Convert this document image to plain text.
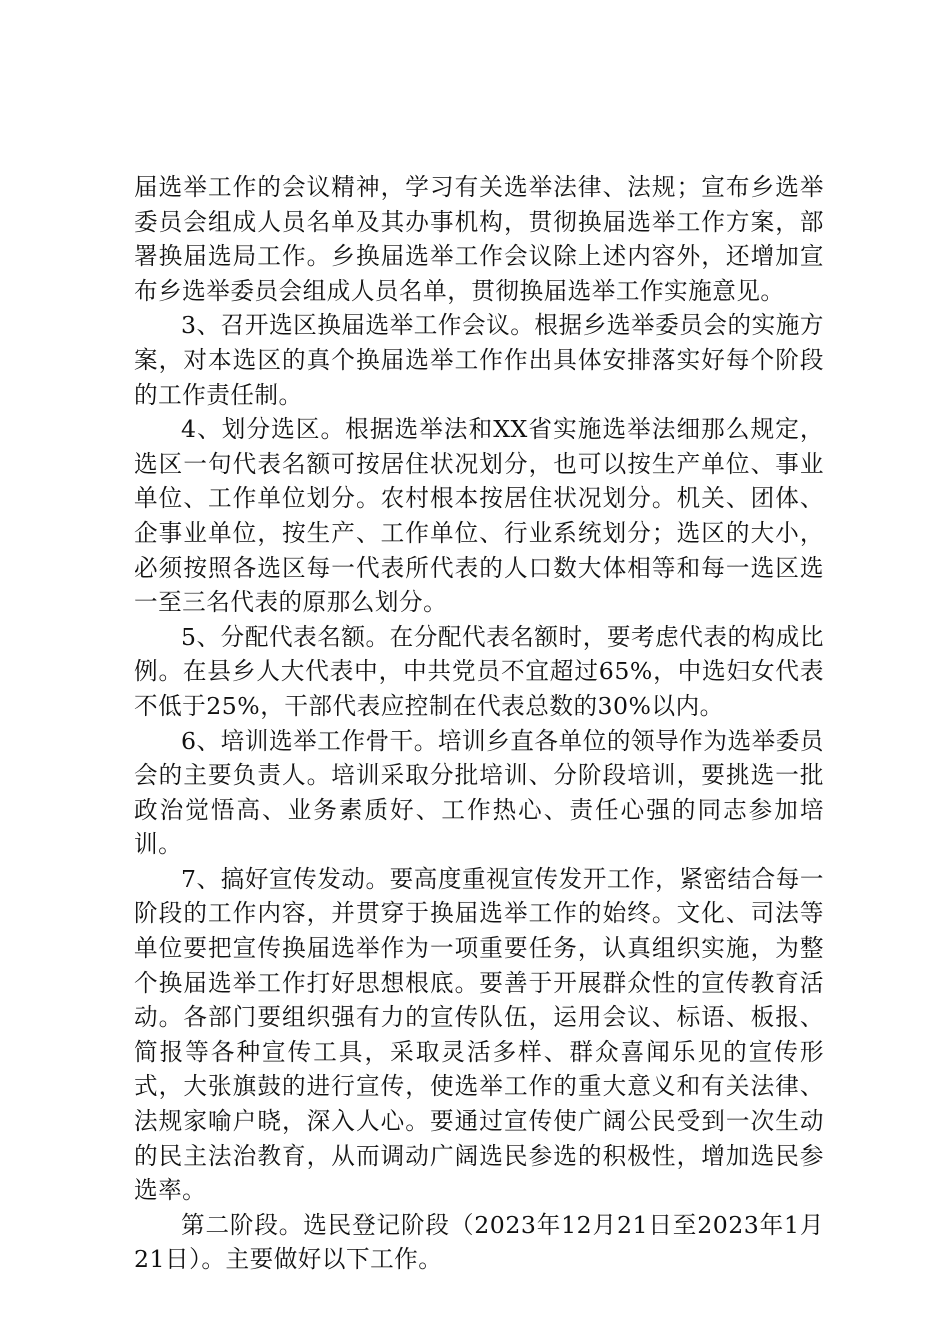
届选举工作的会议精神，学习有关选举法律、法规；宣布乡选举委员会组成人员名单及其办事机构，贯彻换届选举工作方案，部署换届选局工作。乡换届选举工作会议除上述内容外，还增加宣布乡选举委员会组成人员名单，贯彻换届选举工作实施意见。

3、召开选区换届选举工作会议。根据乡选举委员会的实施方案，对本选区的真个换届选举工作作出具体安排落实好每个阶段的工作责任制。

4、划分选区。根据选举法和XX省实施选举法细那么规定，选区一句代表名额可按居住状况划分，也可以按生产单位、事业单位、工作单位划分。农村根本按居住状况划分。机关、团体、企事业单位，按生产、工作单位、行业系统划分；选区的大小，必须按照各选区每一代表所代表的人口数大体相等和每一选区选一至三名代表的原那么划分。

5、分配代表名额。在分配代表名额时，要考虑代表的构成比例。在县乡人大代表中，中共党员不宜超过65%，中选妇女代表不低于25%，干部代表应控制在代表总数的30%以内。

6、培训选举工作骨干。培训乡直各单位的领导作为选举委员会的主要负责人。培训采取分批培训、分阶段培训，要挑选一批政治觉悟高、业务素质好、工作热心、责任心强的同志参加培训。

7、搞好宣传发动。要高度重视宣传发开工作，紧密结合每一阶段的工作内容，并贯穿于换届选举工作的始终。文化、司法等单位要把宣传换届选举作为一项重要任务，认真组织实施，为整个换届选举工作打好思想根底。要善于开展群众性的宣传教育活动。各部门要组织强有力的宣传队伍，运用会议、标语、板报、简报等各种宣传工具，采取灵活多样、群众喜闻乐见的宣传形式，大张旗鼓的进行宣传，使选举工作的重大意义和有关法律、法规家喻户晓，深入人心。要通过宣传使广阔公民受到一次生动的民主法治教育，从而调动广阔选民参选的积极性，增加选民参选率。

第二阶段。选民登记阶段（2023年12月21日至2023年1月21日）。主要做好以下工作。
